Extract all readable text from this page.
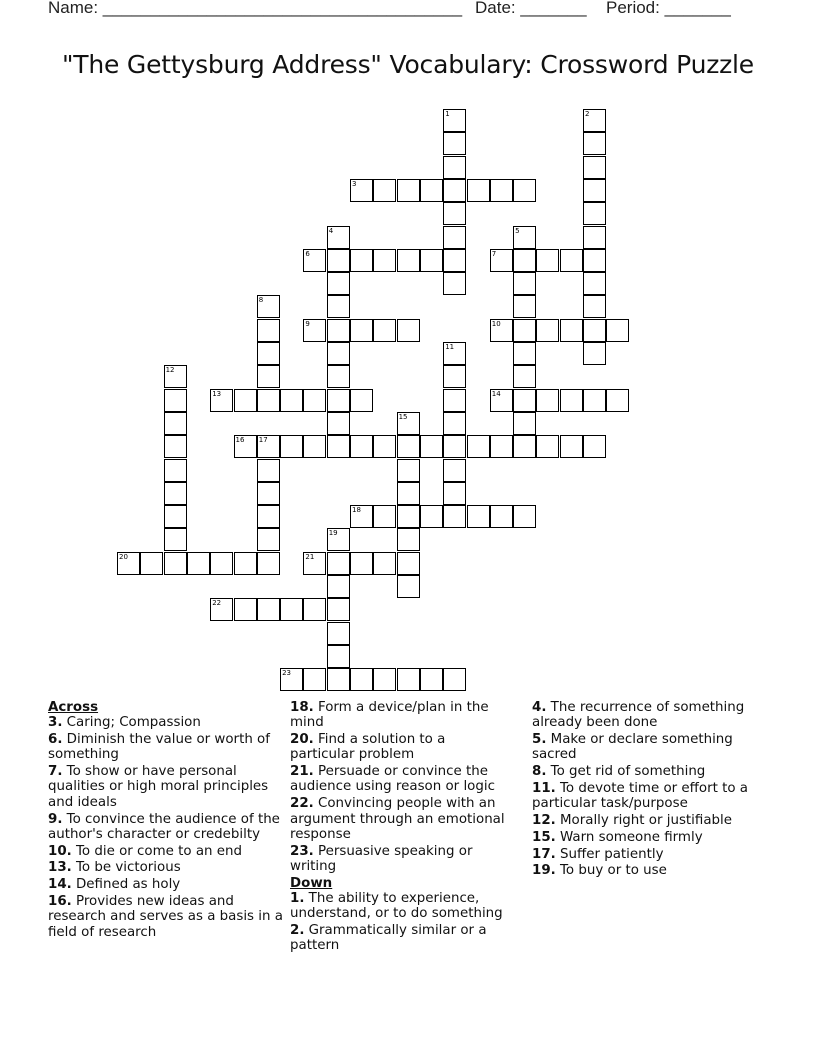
Name: ______________________________________

Date: _______

Period: _______

"The Gettysburg Address" Vocabulary: Crossword Puzzle
1	2
3
4	5
6	7
8
9	10
11
12
13	14
15
16 17
18
19
20	21
22
23
Across
3. Caring; Compassion
6. Diminish the value or worth of something
7. To show or have personal qualities or high moral principles and ideals
9. To convince the audience of the author's character or credebilty
10. To die or come to an end
13. To be victorious
14. Defined as holy
16. Provides new ideas and research and serves as a basis in a field of research
18. Form a device/plan in the mind
20. Find a solution to a particular problem
21. Persuade or convince the audience using reason or logic
22. Convincing people with an argument through an emotional response
23. Persuasive speaking or writing
Down
1. The ability to experience, understand, or to do something
2. Grammatically similar or a pattern
4. The recurrence of something already been done
5. Make or declare something sacred
8. To get rid of something
11. To devote time or effort to a particular task/purpose
12. Morally right or justifiable
15. Warn someone firmly
17. Suffer patiently
19. To buy or to use
